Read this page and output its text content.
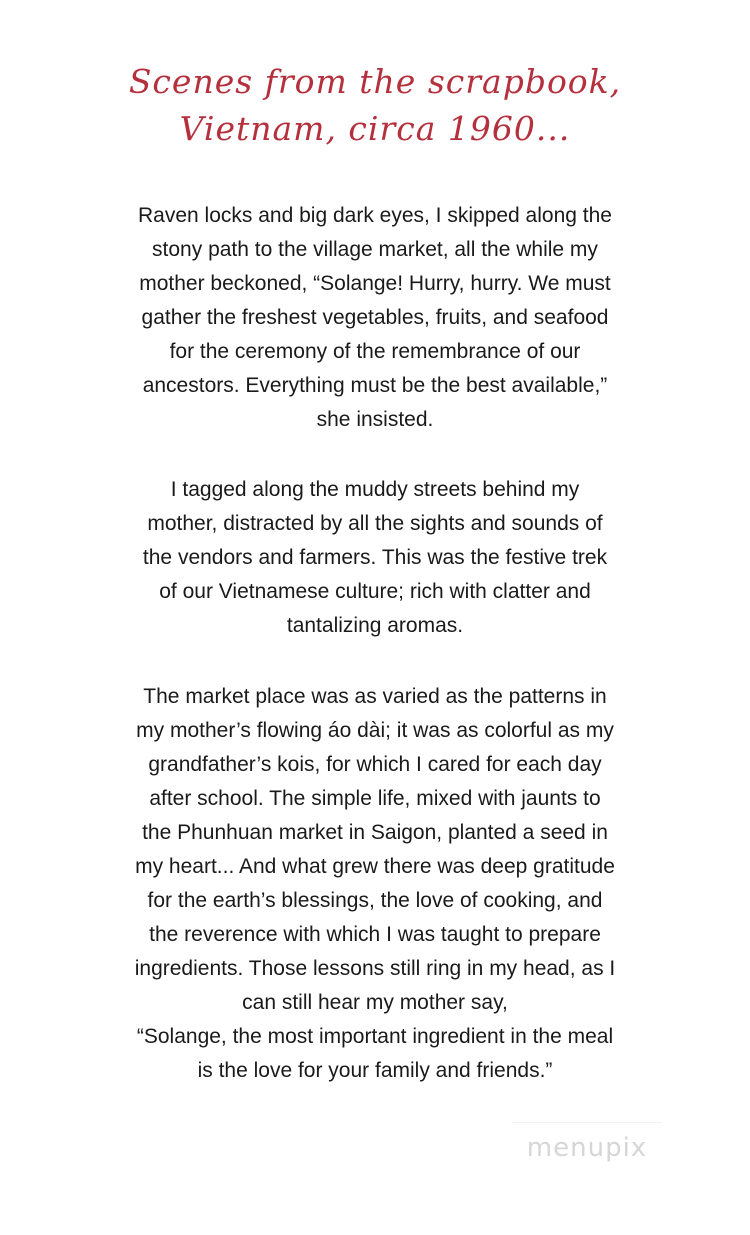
Scenes from the scrapbook,
Vietnam, circa 1960...
Raven locks and big dark eyes, I skipped along the
stony path to the village market, all the while my
mother beckoned, “Solange! Hurry, hurry. We must
gather the freshest vegetables, fruits, and seafood
for the ceremony of the remembrance of our
ancestors. Everything must be the best available,”
she insisted.
I tagged along the muddy streets behind my
mother, distracted by all the sights and sounds of
the vendors and farmers. This was the festive trek
of our Vietnamese culture; rich with clatter and
tantalizing aromas.
The market place was as varied as the patterns in
my mother’s flowing áo dài; it was as colorful as my
grandfather’s kois, for which I cared for each day
after school. The simple life, mixed with jaunts to
the Phunhuan market in Saigon, planted a seed in
my heart... And what grew there was deep gratitude
for the earth’s blessings, the love of cooking, and
the reverence with which I was taught to prepare
ingredients. Those lessons still ring in my head, as I
can still hear my mother say,
“Solange, the most important ingredient in the meal
is the love for your family and friends.”
menupix
